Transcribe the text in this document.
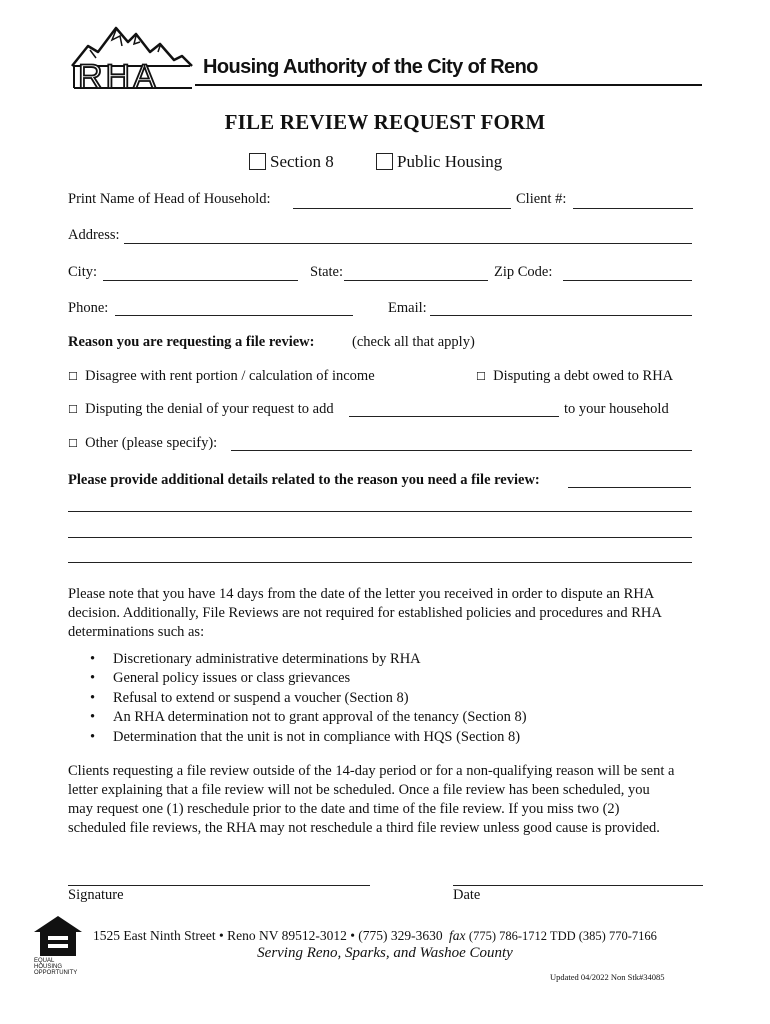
RHA Housing Authority of the City of Reno
FILE REVIEW REQUEST FORM
Section 8	Public Housing
Print Name of Head of Household:	Client #:
Address:
City:	State:	Zip Code:
Phone:	Email:
Reason you are requesting a file review:	(check all that apply)
☐ Disagree with rent portion / calculation of income	☐ Disputing a debt owed to RHA
☐ Disputing the denial of your request to add	to your household
☐ Other (please specify):
Please provide additional details related to the reason you need a file review:
Please note that you have 14 days from the date of the letter you received in order to dispute an RHA
decision. Additionally, File Reviews are not required for established policies and procedures and RHA
determinations such as:
• Discretionary administrative determinations by RHA
• General policy issues or class grievances
• Refusal to extend or suspend a voucher (Section 8)
• An RHA determination not to grant approval of the tenancy (Section 8)
• Determination that the unit is not in compliance with HQS (Section 8)
Clients requesting a file review outside of the 14-day period or for a non-qualifying reason will be sent a
letter explaining that a file review will not be scheduled. Once a file review has been scheduled, you
may request one (1) reschedule prior to the date and time of the file review. If you miss two (2)
scheduled file reviews, the RHA may not reschedule a third file review unless good cause is provided.
Signature	Date
EQUAL HOUSING OPPORTUNITY
1525 East Ninth Street • Reno NV 89512-3012 • (775) 329-3630 fax (775) 786-1712 TDD (385) 770-7166
Serving Reno, Sparks, and Washoe County
Updated 04/2022 Non Stk#34085
